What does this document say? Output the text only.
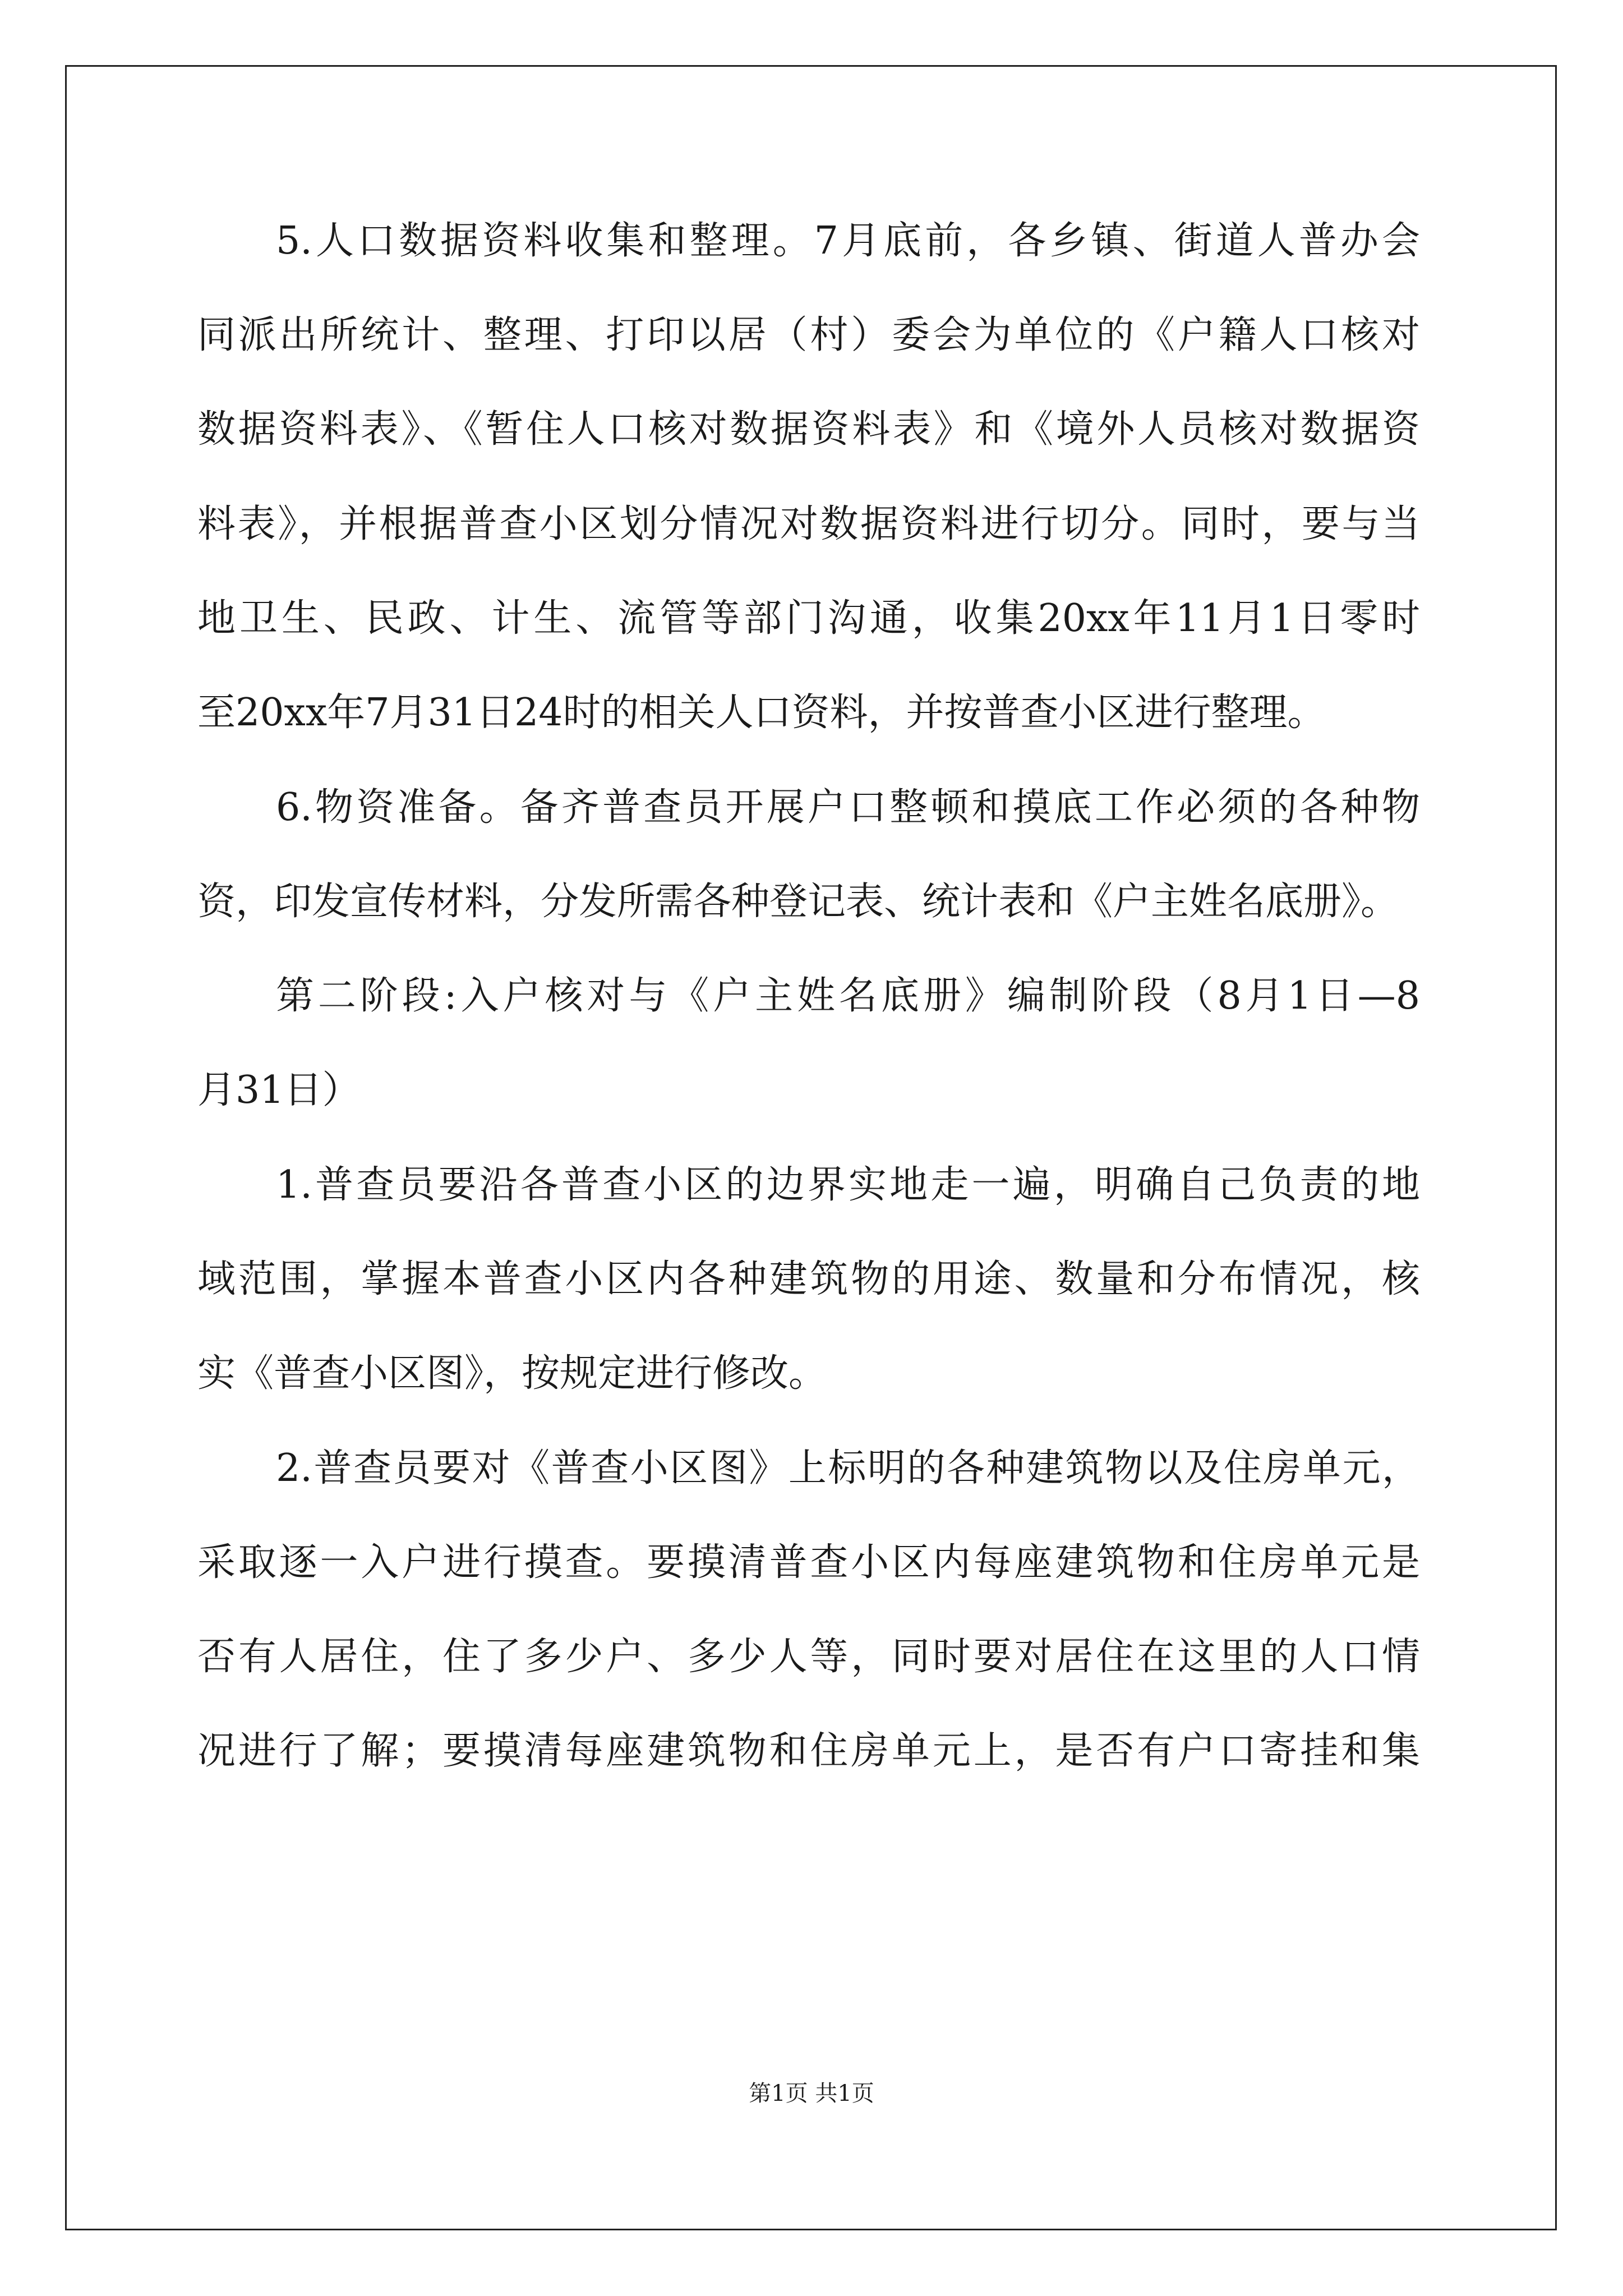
5.人口数据资料收集和整理。7月底前，各乡镇、街道人普办会
同派出所统计、整理、打印以居（村）委会为单位的《户籍人口核对
数据资料表》、《暂住人口核对数据资料表》和《境外人员核对数据资
料表》，并根据普查小区划分情况对数据资料进行切分。同时，要与当
地卫生、民政、计生、流管等部门沟通，收集20xx年11月1日零时
至20xx年7月31日24时的相关人口资料，并按普查小区进行整理。
6.物资准备。备齐普查员开展户口整顿和摸底工作必须的各种物
资，印发宣传材料，分发所需各种登记表、统计表和《户主姓名底册》。
第二阶段:入户核对与《户主姓名底册》编制阶段（8月1日—8
月31日）
1.普查员要沿各普查小区的边界实地走一遍，明确自己负责的地
域范围，掌握本普查小区内各种建筑物的用途、数量和分布情况，核
实《普查小区图》，按规定进行修改。
2.普查员要对《普查小区图》上标明的各种建筑物以及住房单元，
采取逐一入户进行摸查。要摸清普查小区内每座建筑物和住房单元是
否有人居住，住了多少户、多少人等，同时要对居住在这里的人口情
况进行了解；要摸清每座建筑物和住房单元上，是否有户口寄挂和集
第1页 共1页
